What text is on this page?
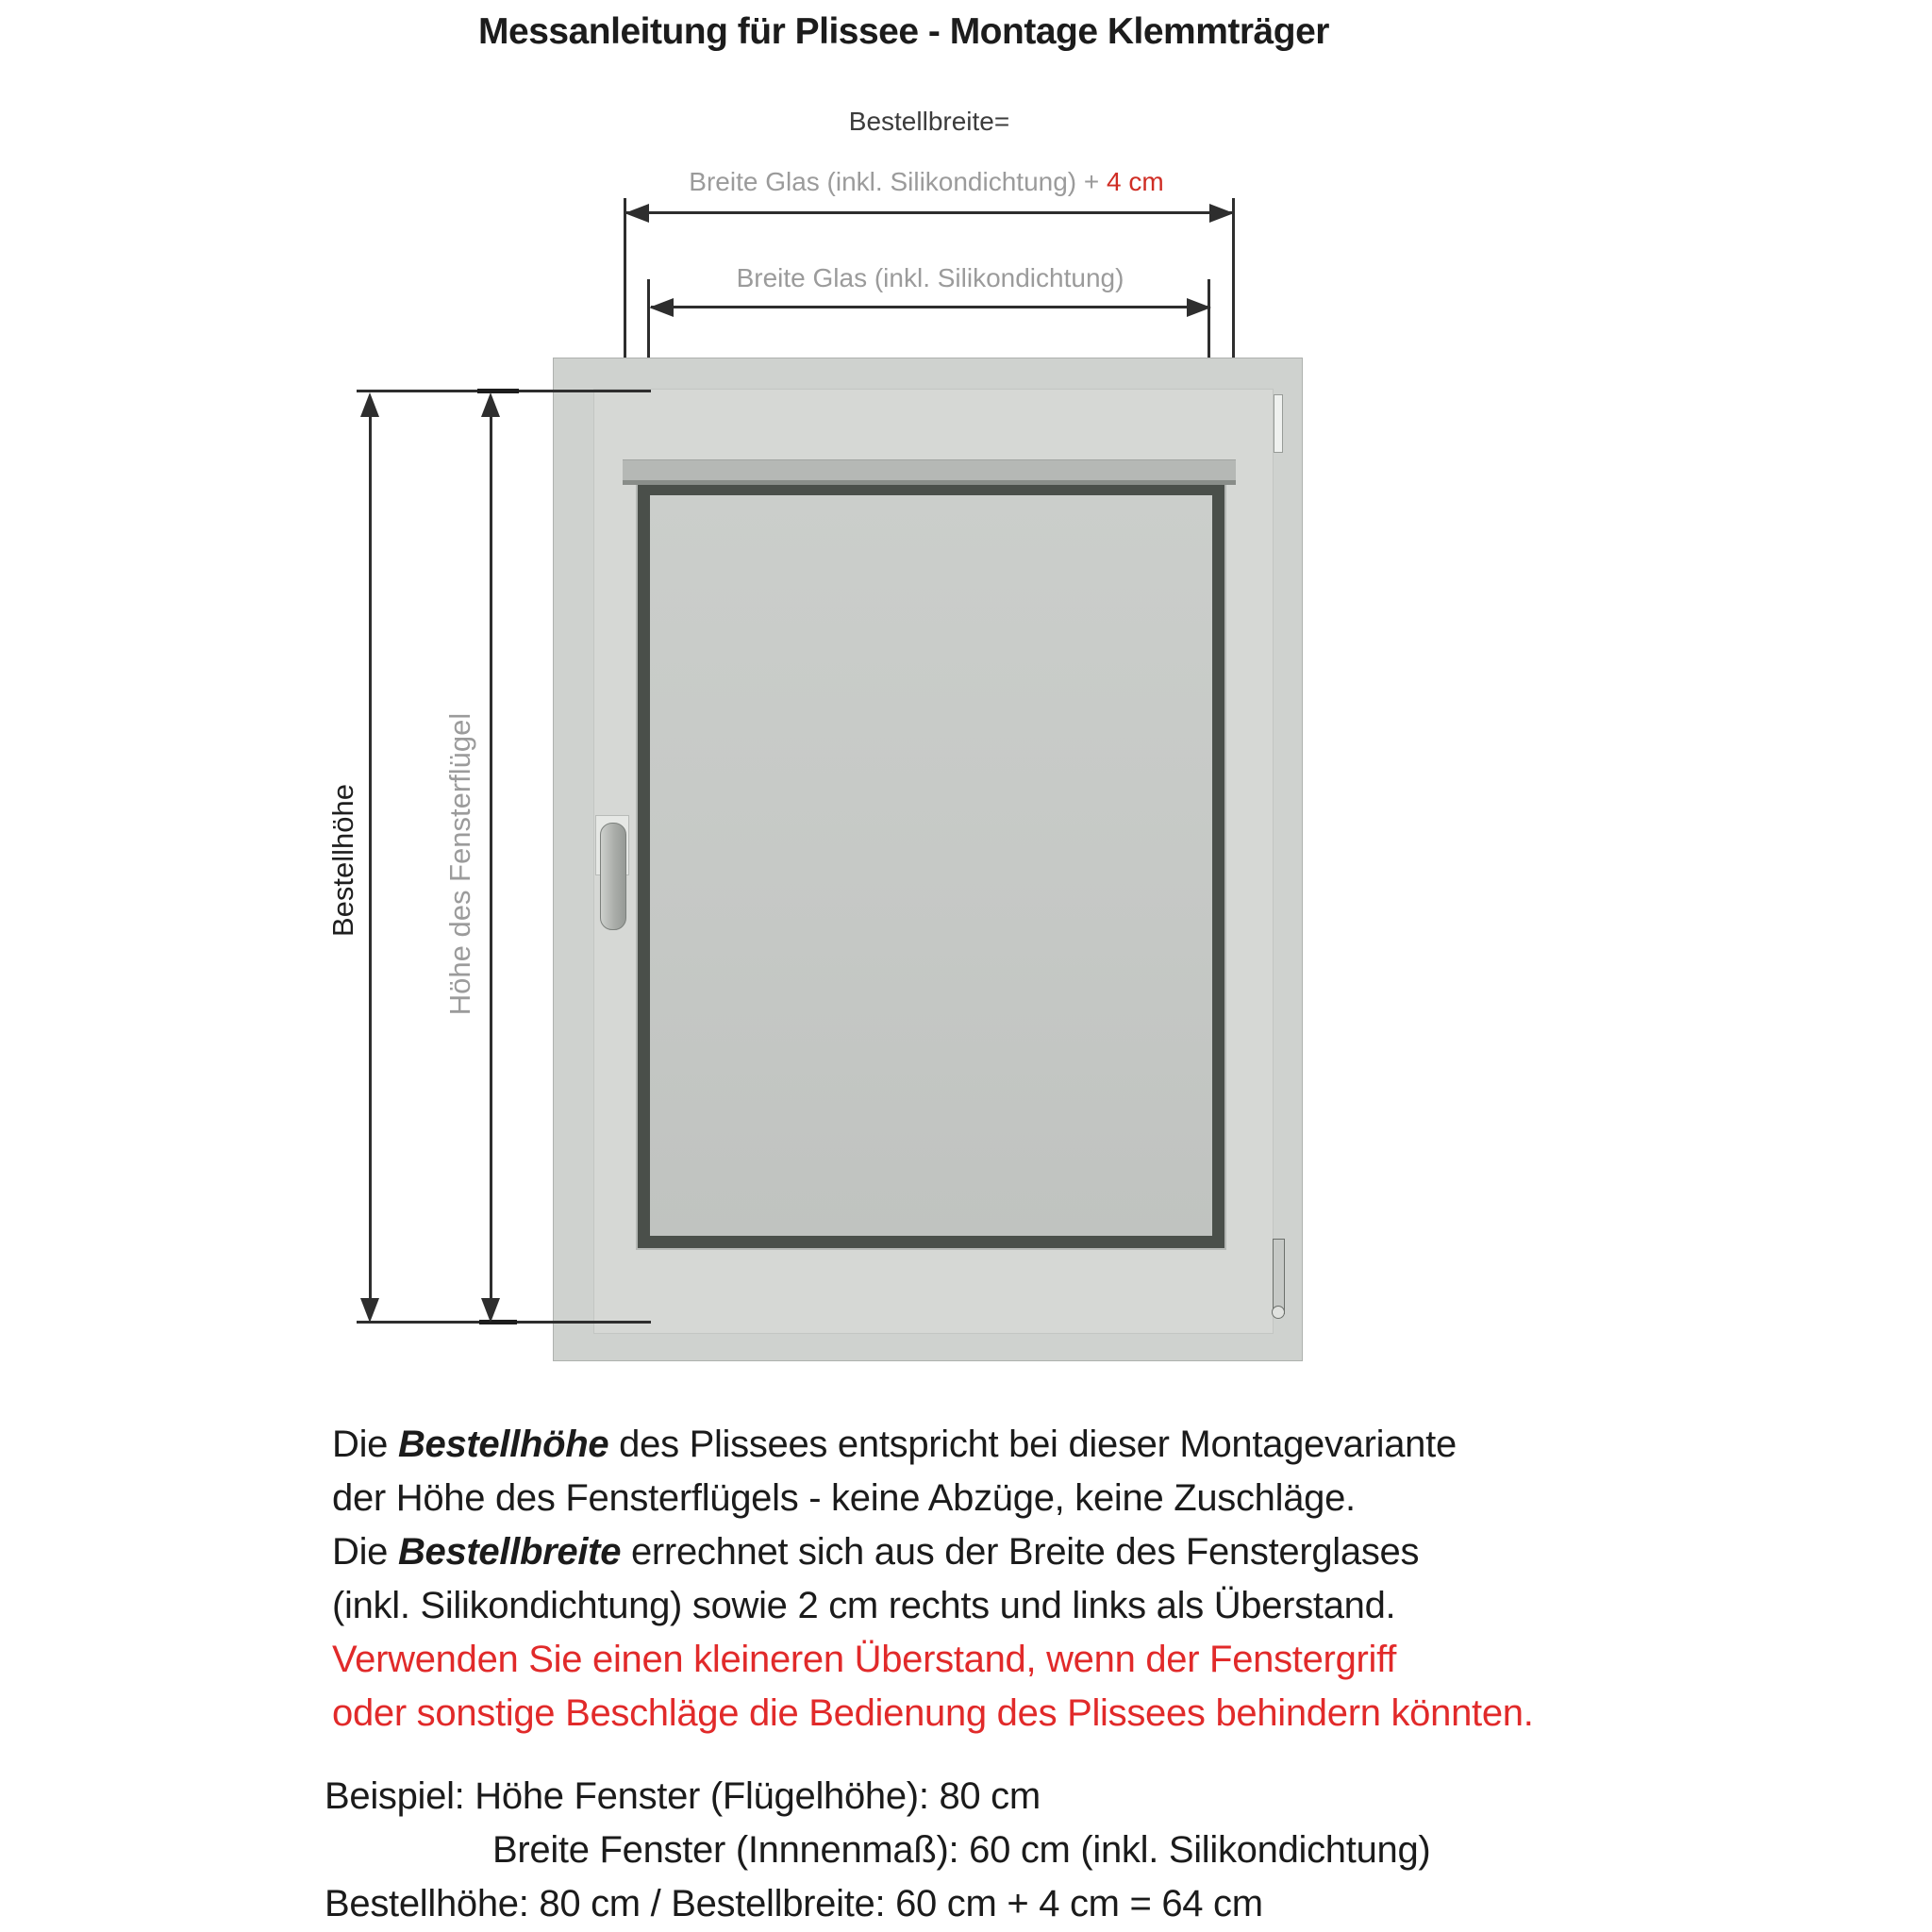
Messanleitung für Plissee - Montage Klemmträger
Bestellbreite=
Breite Glas (inkl. Silikondichtung) + 4 cm
Breite Glas (inkl. Silikondichtung)
Bestellhöhe	Höhe des Fensterflügel
Die Bestellhöhe des Plissees entspricht bei dieser Montagevariante
der Höhe des Fensterflügels - keine Abzüge, keine Zuschläge.
Die Bestellbreite errechnet sich aus der Breite des Fensterglases
(inkl. Silikondichtung) sowie 2 cm rechts und links als Überstand.
Verwenden Sie einen kleineren Überstand, wenn der Fenstergriff
oder sonstige Beschläge die Bedienung des Plissees behindern könnten.
Beispiel: Höhe Fenster (Flügelhöhe): 80 cm
Breite Fenster (Innnenmaß): 60 cm (inkl. Silikondichtung)
Bestellhöhe: 80 cm / Bestellbreite: 60 cm + 4 cm = 64 cm
